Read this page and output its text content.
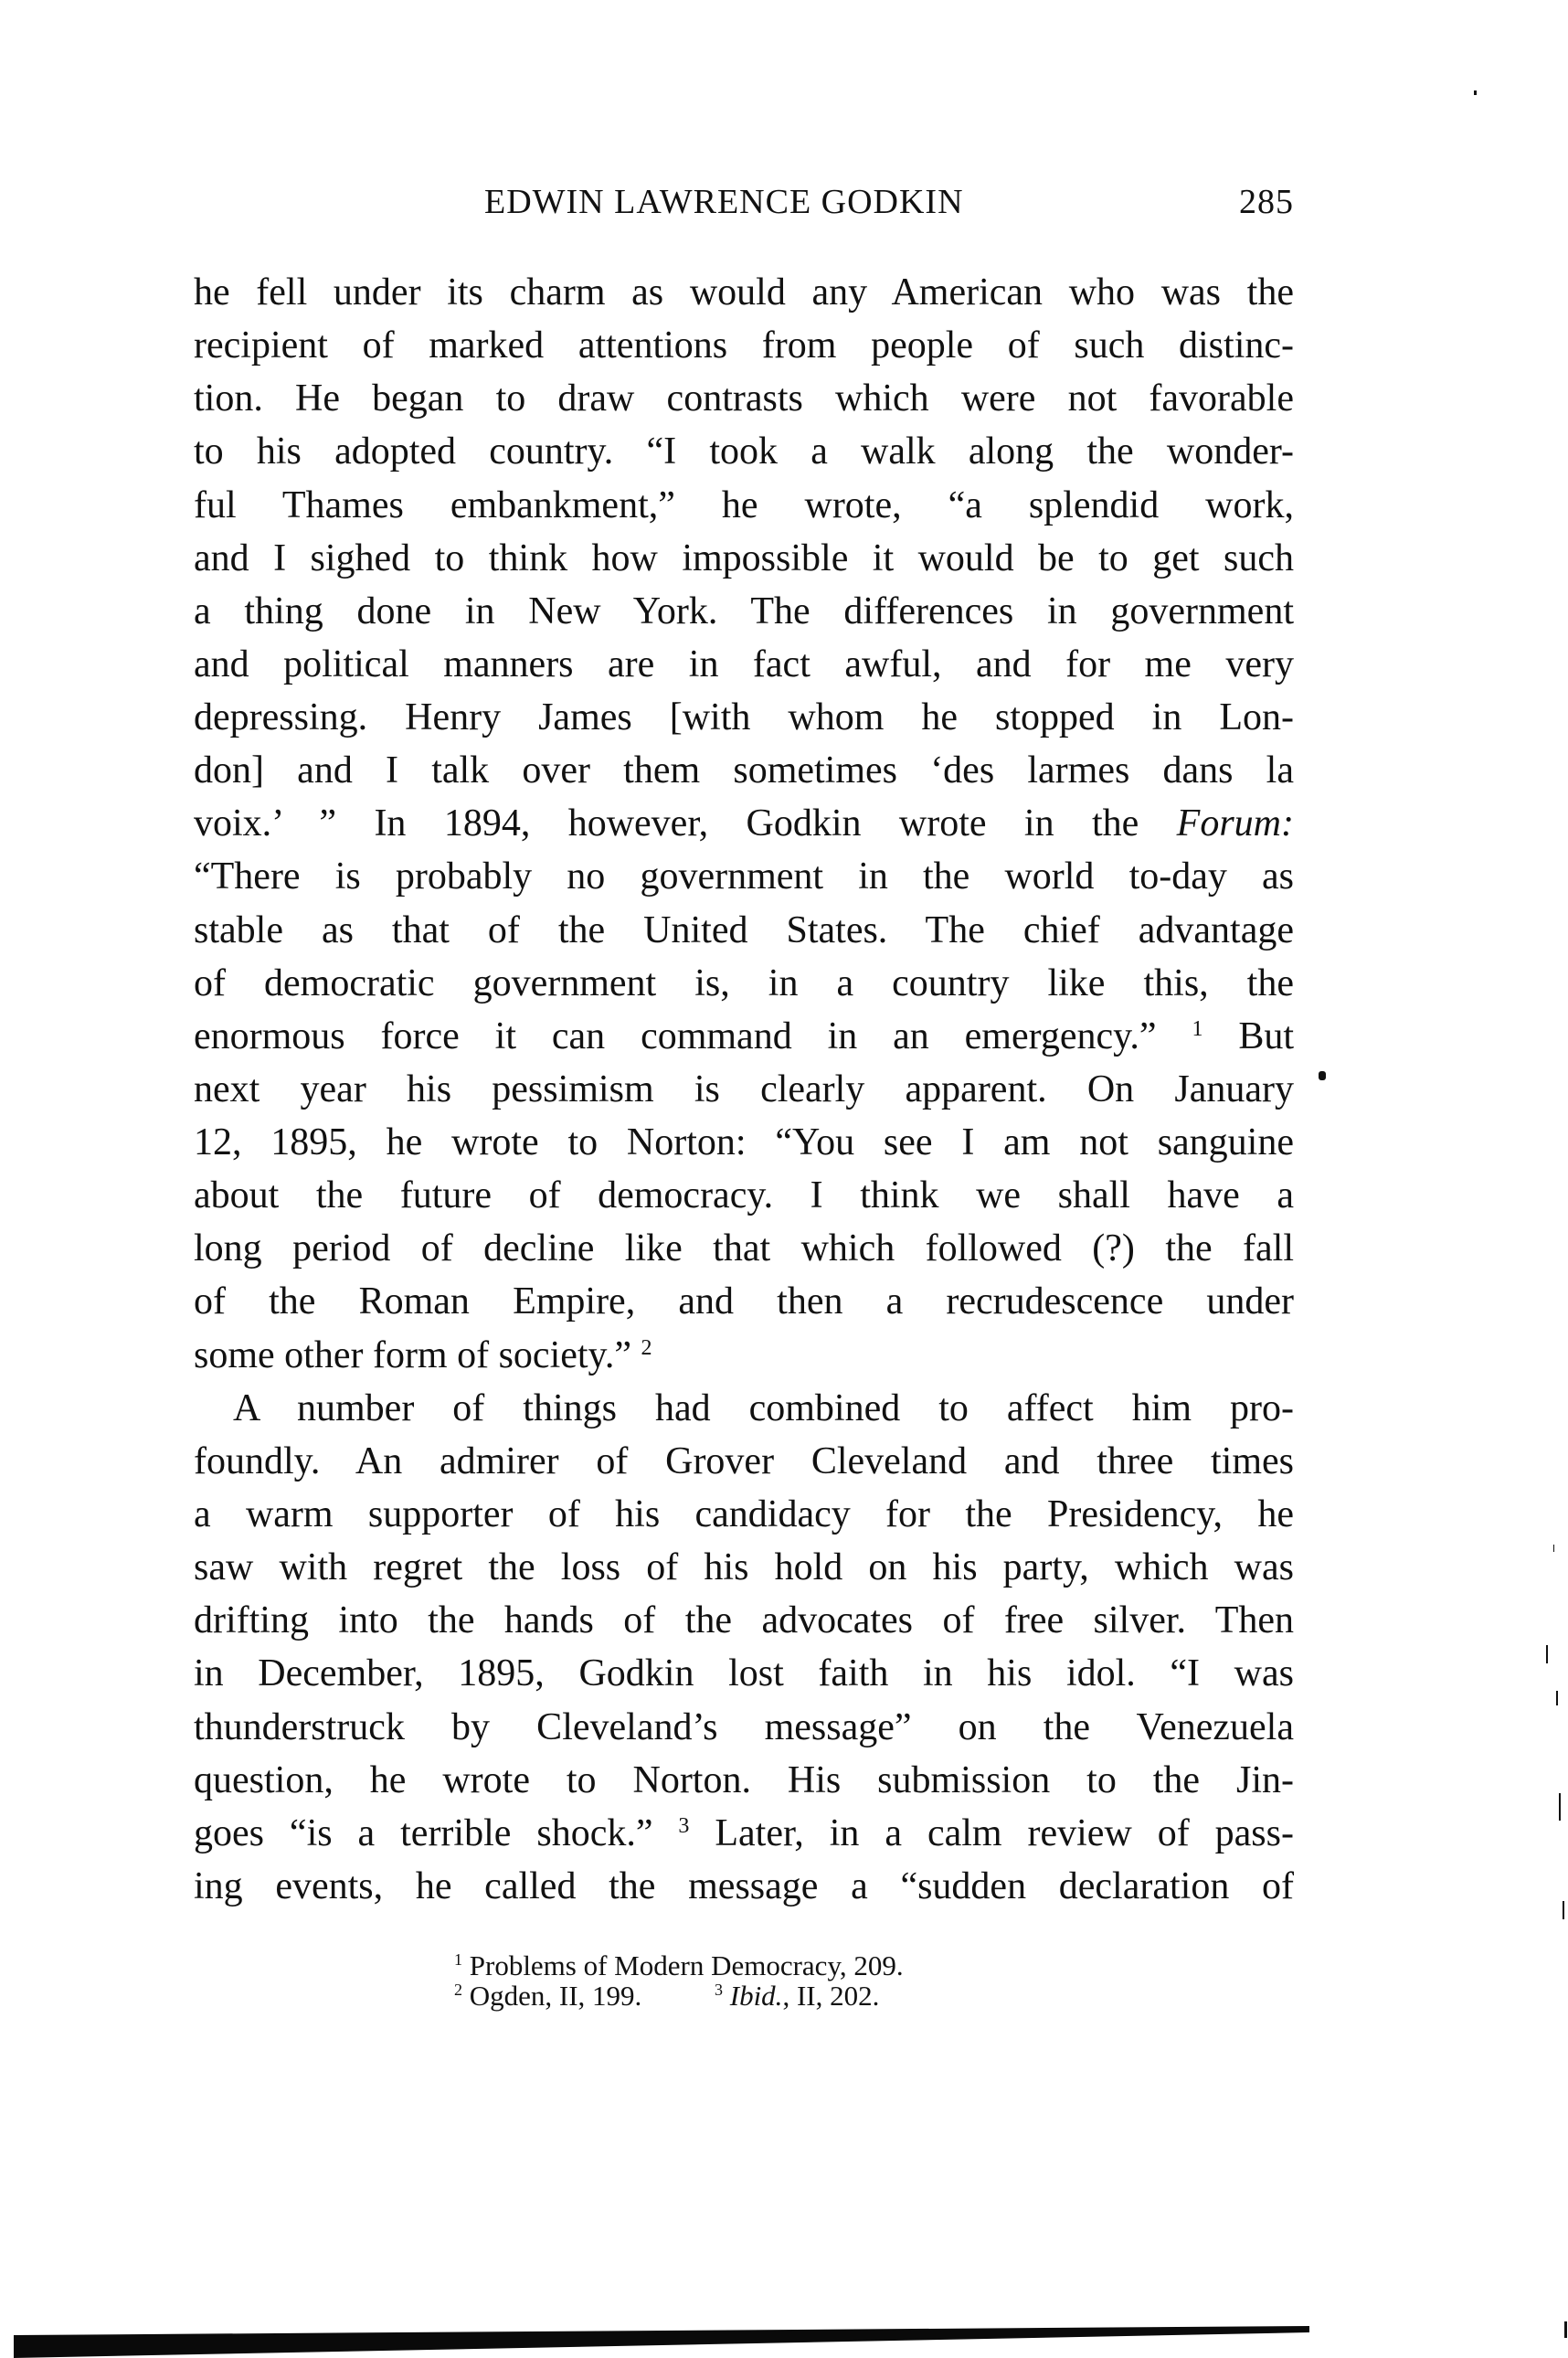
EDWIN LAWRENCE GODKIN	285
he fell under its charm as would any American who was the
recipient of marked attentions from people of such distinc-
tion. He began to draw contrasts which were not favorable
to his adopted country. “I took a walk along the wonder-
ful Thames embankment,” he wrote, “a splendid work,
and I sighed to think how impossible it would be to get such
a thing done in New York. The differences in government
and political manners are in fact awful, and for me very
depressing. Henry James [with whom he stopped in Lon-
don] and I talk over them sometimes ‘des larmes dans la
voix.’ ” In 1894, however, Godkin wrote in the Forum:
“There is probably no government in the world to-day as
stable as that of the United States. The chief advantage
of democratic government is, in a country like this, the
enormous force it can command in an emergency.” $^1$ But
next year his pessimism is clearly apparent. On January
12, 1895, he wrote to Norton: “You see I am not sanguine
about the future of democracy. I think we shall have a
long period of decline like that which followed (?) the fall
of the Roman Empire, and then a recrudescence under
some other form of society.” $^2$
A number of things had combined to affect him pro-
foundly. An admirer of Grover Cleveland and three times
a warm supporter of his candidacy for the Presidency, he
saw with regret the loss of his hold on his party, which was
drifting into the hands of the advocates of free silver. Then
in December, 1895, Godkin lost faith in his idol. “I was
thunderstruck by Cleveland’s message” on the Venezuela
question, he wrote to Norton. His submission to the Jin-
goes “is a terrible shock.” $^3$ Later, in a calm review of pass-
ing events, he called the message a “sudden declaration of
$^1$ Problems of Modern Democracy, 209.
$^2$ Ogden, II, 199.	$^3$ Ibid., II, 202.
